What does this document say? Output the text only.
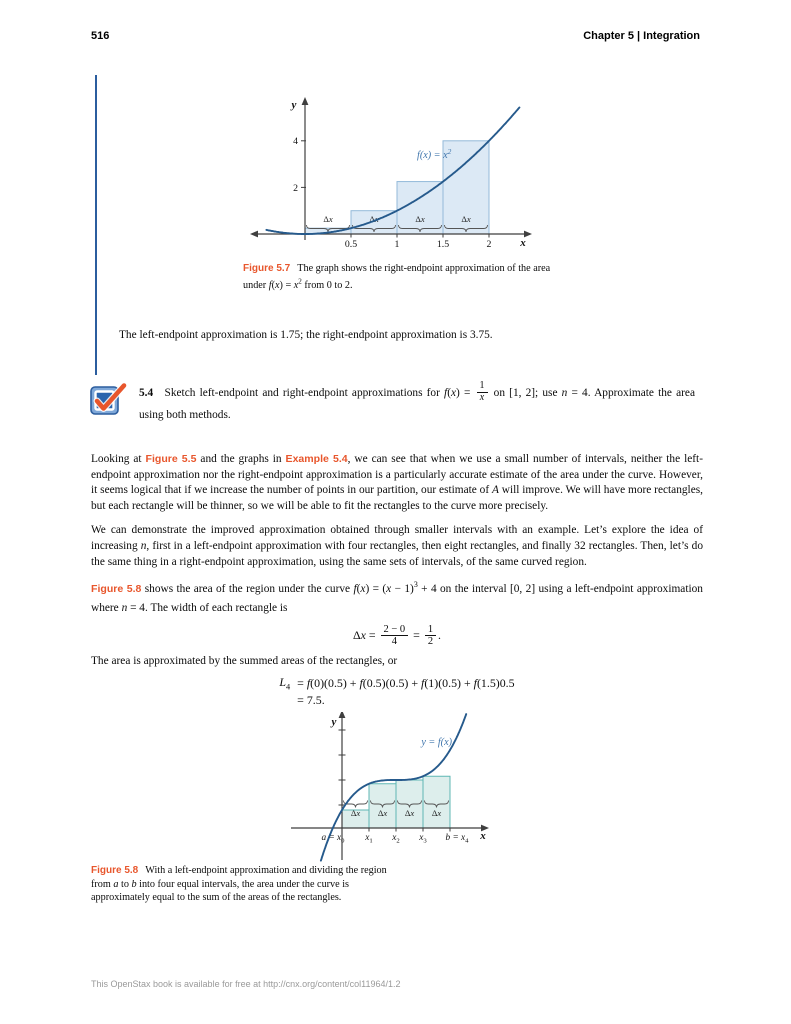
516	Chapter 5 | Integration
Δx	Δx	Δx	Δx
0.5	1	1.5	2
2
4
$f(x) = x^2$
x
y

Figure 5.7 The graph shows the right-endpoint approximation of the area under $f(x) = x^2$ from 0 to 2.

The left-endpoint approximation is 1.75; the right-endpoint approximation is 3.75.

5.4  Sketch left-endpoint and right-endpoint approximations for $f(x) = \frac{1}{x}$ on [1, 2]; use n = 4. Approximate the area using both methods.

Looking at Figure 5.5 and the graphs in Example 5.4, we can see that when we use a small number of intervals, neither the left-endpoint approximation nor the right-endpoint approximation is a particularly accurate estimate of the area under the curve. However, it seems logical that if we increase the number of points in our partition, our estimate of A will improve. We will have more rectangles, but each rectangle will be thinner, so we will be able to fit the rectangles to the curve more precisely.

We can demonstrate the improved approximation obtained through smaller intervals with an example. Let’s explore the idea of increasing n, first in a left-endpoint approximation with four rectangles, then eight rectangles, and finally 32 rectangles. Then, let’s do the same thing in a right-endpoint approximation, using the same sets of intervals, of the same curved region.

Figure 5.8 shows the area of the region under the curve $f(x) = (x - 1)^3 + 4$ on the interval [0, 2] using a left-endpoint approximation where n = 4. The width of each rectangle is

$\Delta x = \frac{2 - 0}{4} = \frac{1}{2}$ .

The area is approximated by the summed areas of the rectangles, or

$L_4 = f(0)(0.5) + f(0.5)(0.5) + f(1)(0.5) + f(1.5)0.5$
= 7.5.
Δx Δx Δx Δx
$a = x_0$ $x_1$ $x_2$ $x_3$ $b = x_4$
y = f(x)
x
y

Figure 5.8 With a left-endpoint approximation and dividing the region from a to b into four equal intervals, the area under the curve is approximately equal to the sum of the areas of the rectangles.

This OpenStax book is available for free at http://cnx.org/content/col11964/1.2
